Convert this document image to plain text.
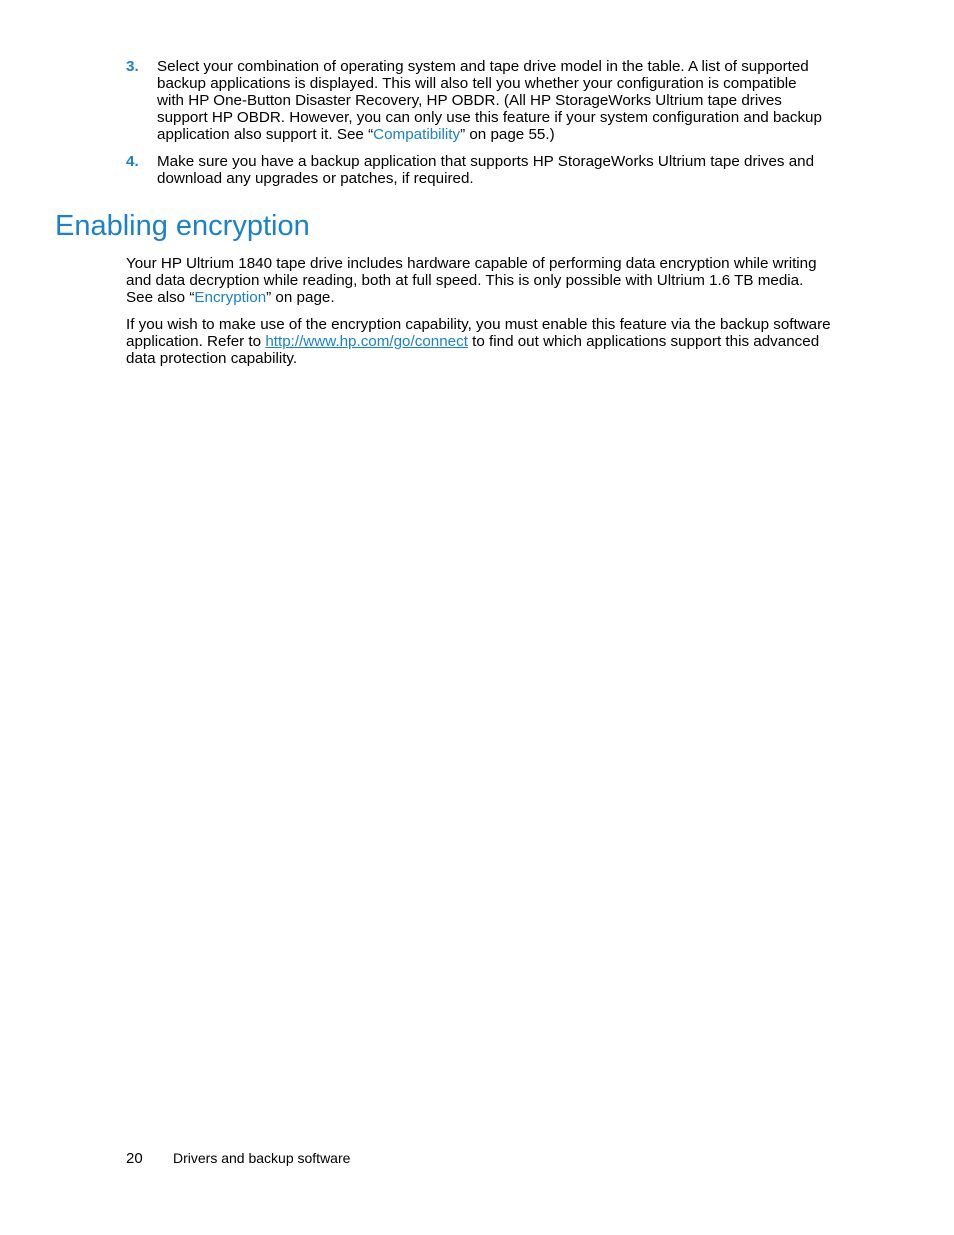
3. Select your combination of operating system and tape drive model in the table. A list of supported backup applications is displayed. This will also tell you whether your configuration is compatible with HP One-Button Disaster Recovery, HP OBDR. (All HP StorageWorks Ultrium tape drives support HP OBDR. However, you can only use this feature if your system configuration and backup application also support it. See “Compatibility” on page 55.)
4. Make sure you have a backup application that supports HP StorageWorks Ultrium tape drives and download any upgrades or patches, if required.
Enabling encryption

Your HP Ultrium 1840 tape drive includes hardware capable of performing data encryption while writing and data decryption while reading, both at full speed. This is only possible with Ultrium 1.6 TB media. See also “Encryption” on page.

If you wish to make use of the encryption capability, you must enable this feature via the backup software application. Refer to http://www.hp.com/go/connect to find out which applications support this advanced data protection capability.

20 Drivers and backup software
